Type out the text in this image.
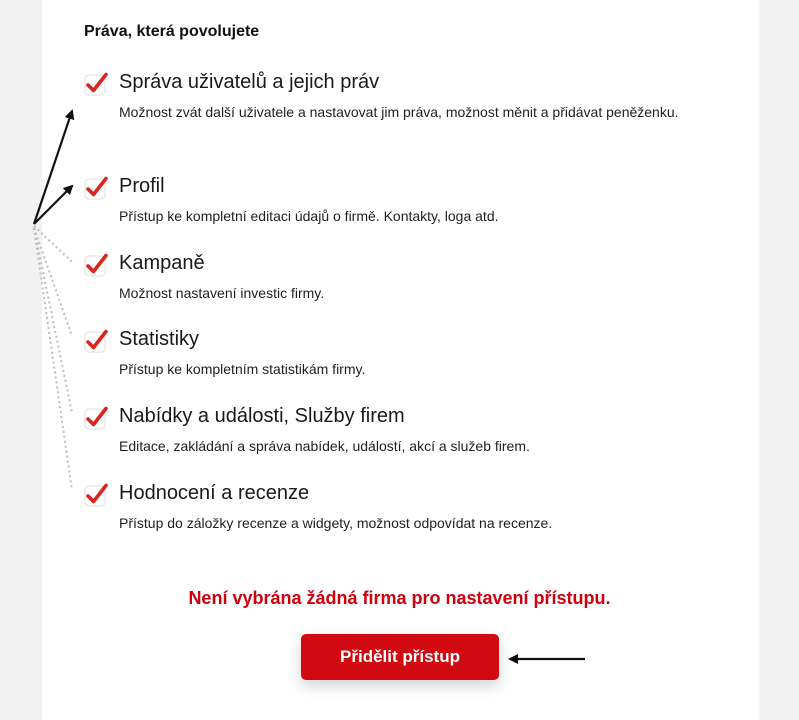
Práva, která povolujete
Správa uživatelů a jejich práv
Možnost zvát další uživatele a nastavovat jim práva, možnost měnit a přidávat peněženku.
Profil
Přístup ke kompletní editaci údajů o firmě. Kontakty, loga atd.
Kampaně
Možnost nastavení investic firmy.
Statistiky
Přístup ke kompletním statistikám firmy.
Nabídky a události, Služby firem
Editace, zakládání a správa nabídek, událostí, akcí a služeb firem.
Hodnocení a recenze
Přístup do záložky recenze a widgety, možnost odpovídat na recenze.
Není vybrána žádná firma pro nastavení přístupu.
Přidělit přístup
